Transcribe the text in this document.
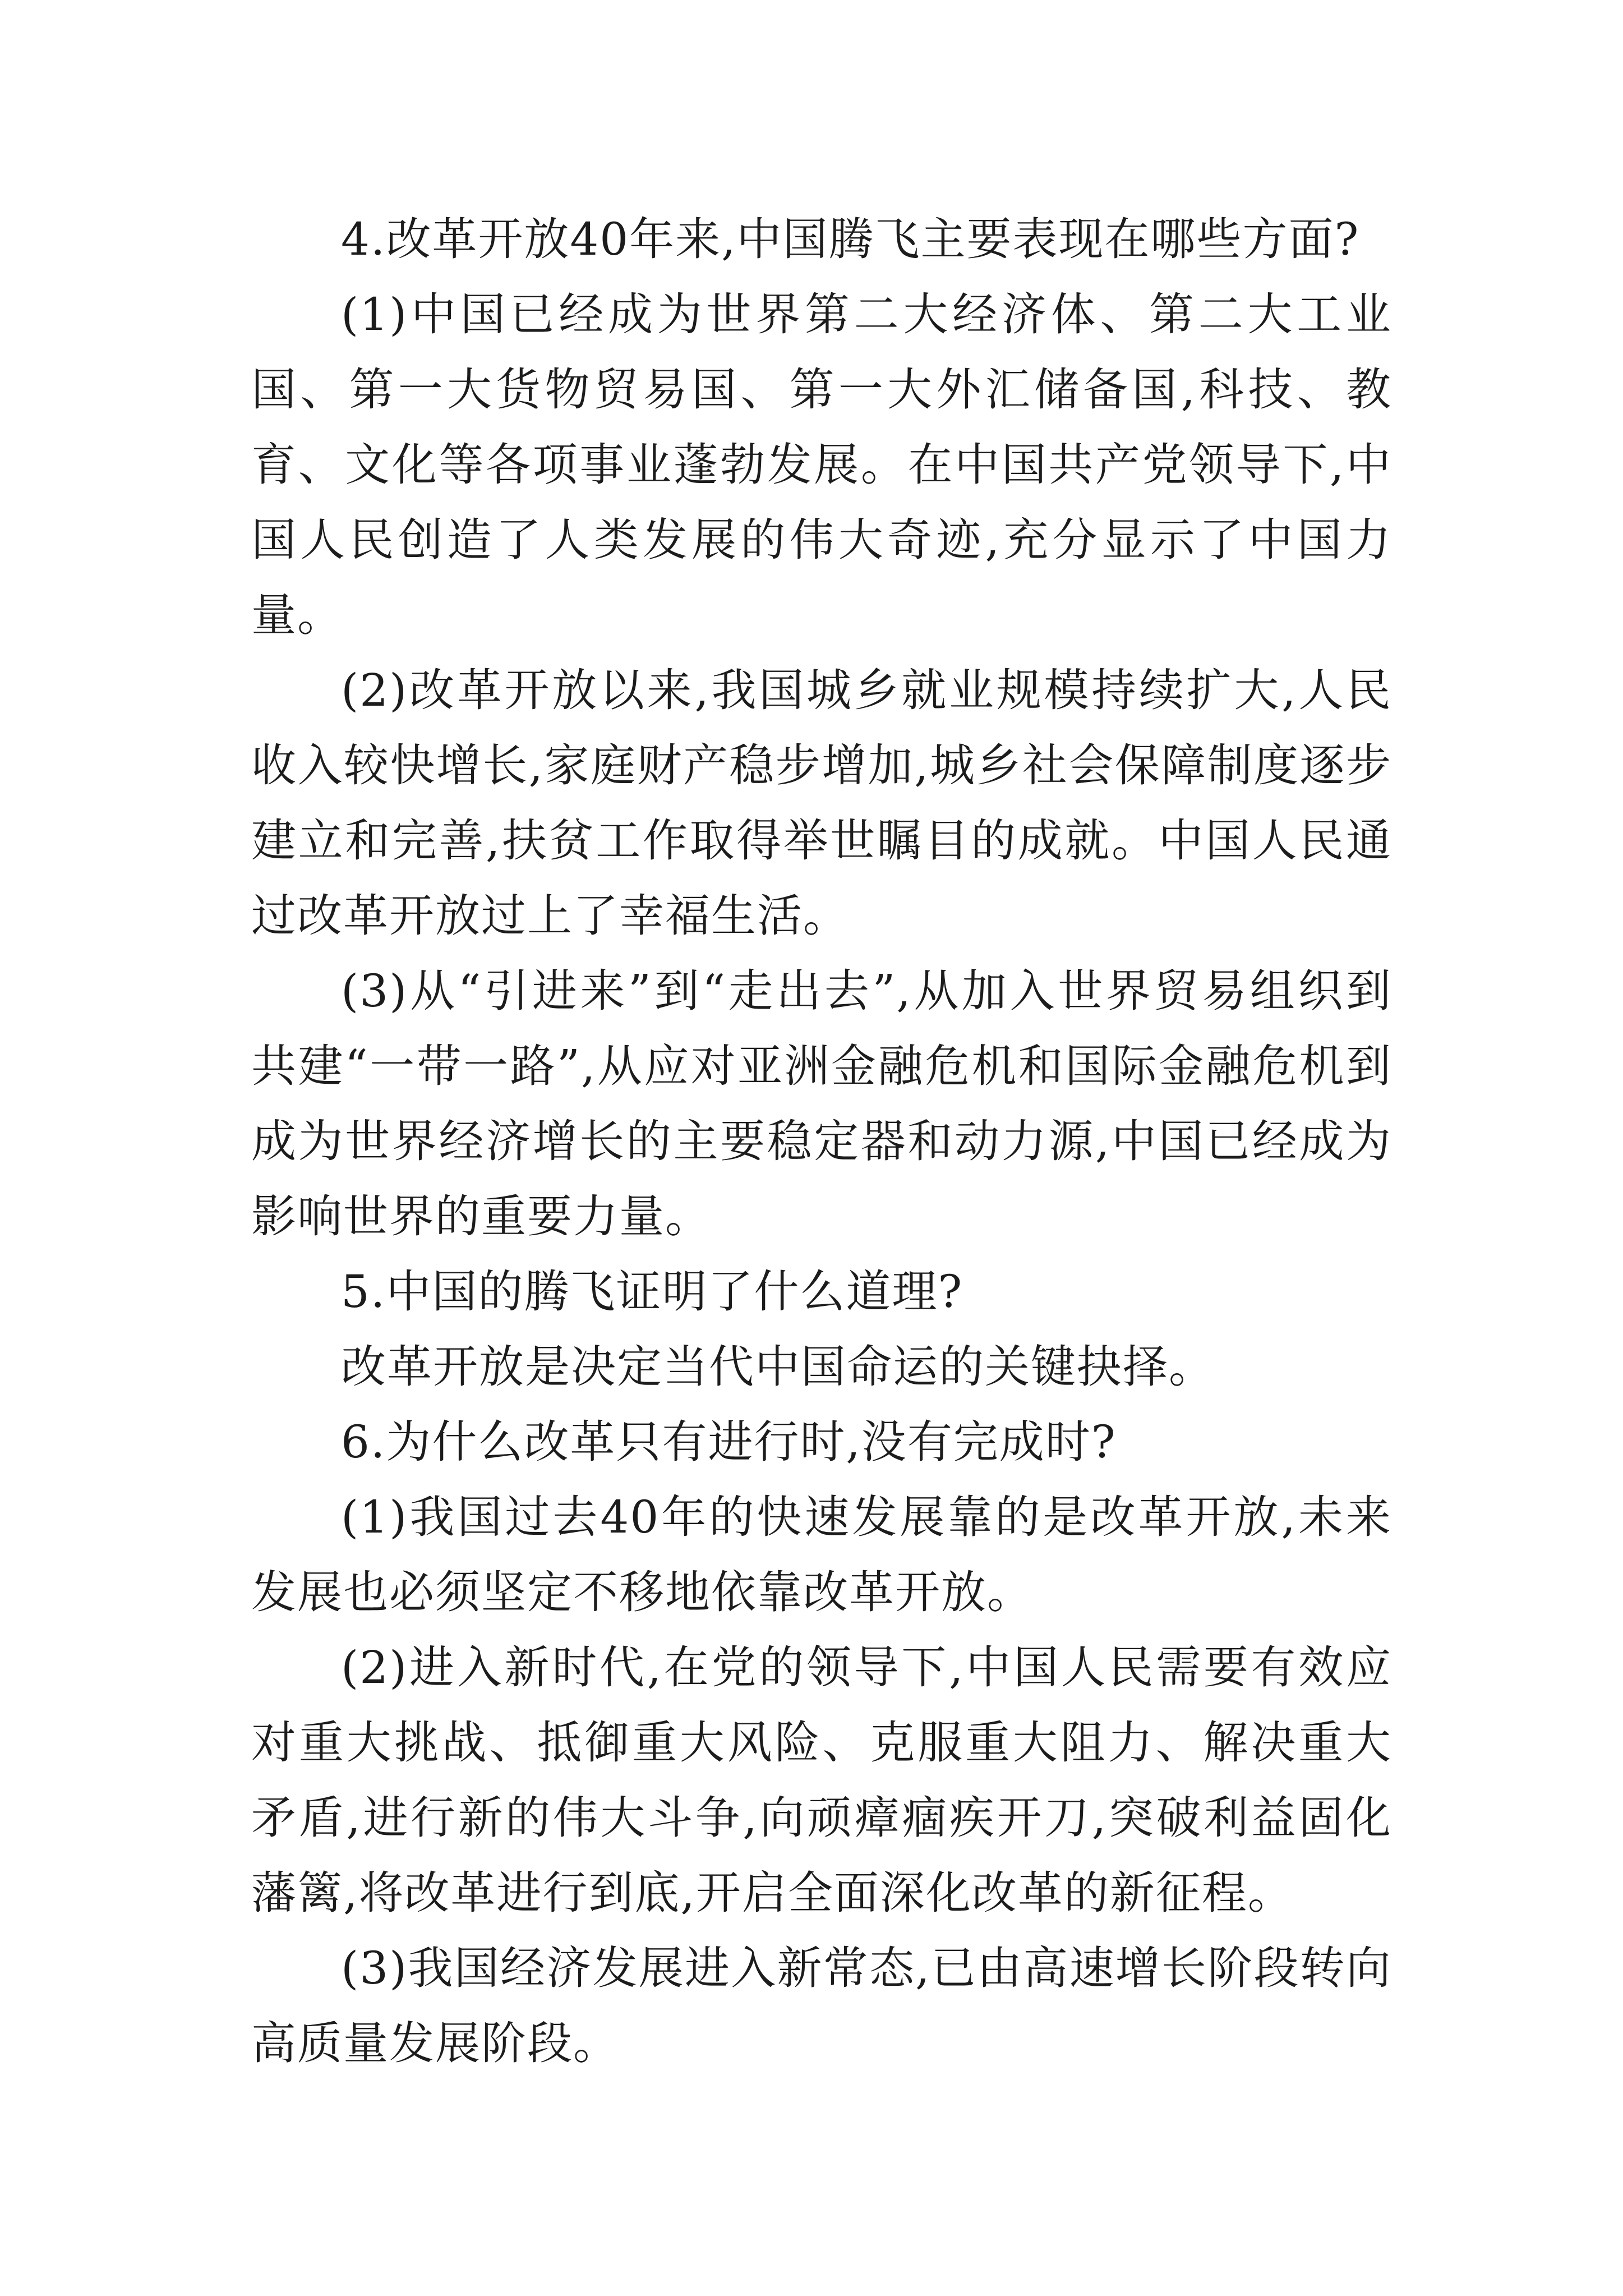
4.改革开放40年来,中国腾飞主要表现在哪些方面?

(1)中国已经成为世界第二大经济体、第二大工业国、第一大货物贸易国、第一大外汇储备国,科技、教育、文化等各项事业蓬勃发展。在中国共产党领导下,中国人民创造了人类发展的伟大奇迹,充分显示了中国力量。

(2)改革开放以来,我国城乡就业规模持续扩大,人民收入较快增长,家庭财产稳步增加,城乡社会保障制度逐步建立和完善,扶贫工作取得举世瞩目的成就。中国人民通过改革开放过上了幸福生活。

(3)从“引进来”到“走出去”,从加入世界贸易组织到共建“一带一路”,从应对亚洲金融危机和国际金融危机到成为世界经济增长的主要稳定器和动力源,中国已经成为影响世界的重要力量。

5.中国的腾飞证明了什么道理?

改革开放是决定当代中国命运的关键抉择。

6.为什么改革只有进行时,没有完成时?

(1)我国过去40年的快速发展靠的是改革开放,未来发展也必须坚定不移地依靠改革开放。

(2)进入新时代,在党的领导下,中国人民需要有效应对重大挑战、抵御重大风险、克服重大阻力、解决重大矛盾,进行新的伟大斗争,向顽瘴痼疾开刀,突破利益固化藩篱,将改革进行到底,开启全面深化改革的新征程。

(3)我国经济发展进入新常态,已由高速增长阶段转向高质量发展阶段。
